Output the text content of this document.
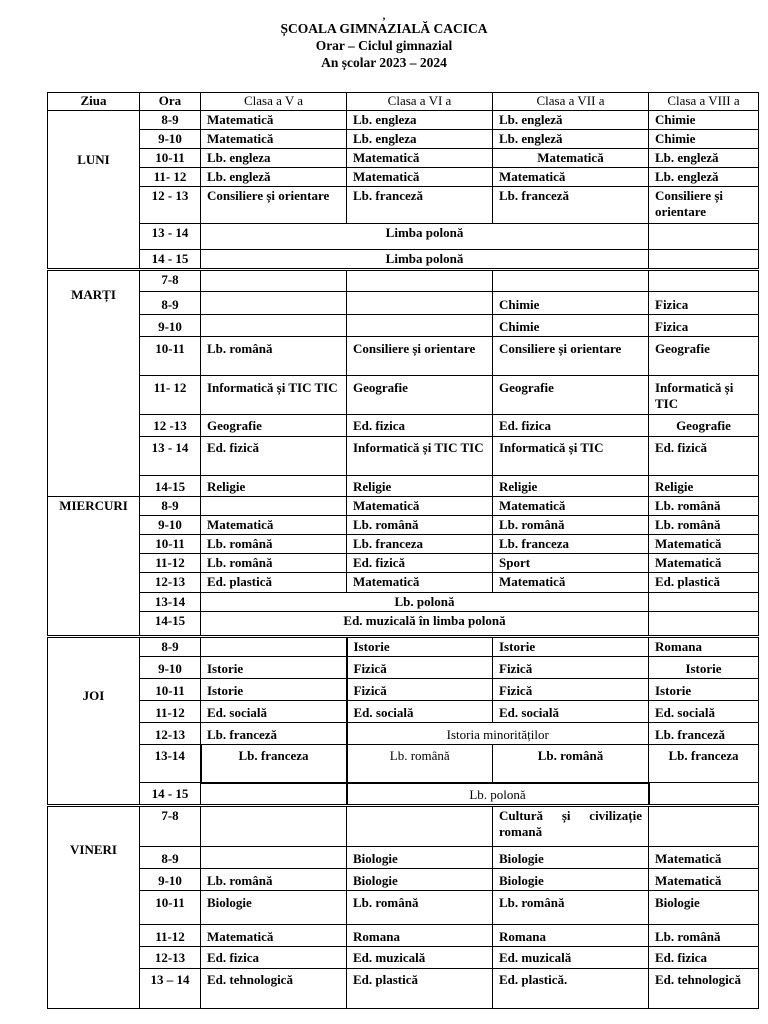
,
ȘCOALA GIMNAZIALĂ CACICA
Orar – Ciclul gimnazial
An școlar 2023 – 2024
Ziua	Ora	Clasa a V a	Clasa a VI a	Clasa a VII a	Clasa a VIII a
LUNI	8-9	Matematică	Lb. engleza	Lb. engleză	Chimie
	9-10	Matematică	Lb. engleza	Lb. engleză	Chimie
	10-11	Lb. engleza	Matematică	Matematică	Lb. engleză
	11- 12	Lb. engleză	Matematică	Matematică	Lb. engleză
	12 - 13	Consiliere și orientare	Lb. franceză	Lb. franceză	Consiliere și orientare
	13 - 14	Limba polonă			
	14 - 15	Limba polonă			
MARȚI	7-8				
	8-9			Chimie	Fizica
	9-10			Chimie	Fizica
	10-11	Lb. română	Consiliere și orientare	Consiliere și orientare	Geografie
	11- 12	Informatică și TIC TIC	Geografie	Geografie	Informatică și TIC
	12 -13	Geografie	Ed. fizica	Ed. fizica	Geografie
	13 - 14	Ed. fizică	Informatică și TIC TIC	Informatică și TIC	Ed. fizică
	14-15	Religie	Religie	Religie	Religie
MIERCURI	8-9		Matematică	Matematică	Lb. română
	9-10	Matematică	Lb. română	Lb. română	Lb. română
	10-11	Lb. română	Lb. franceza	Lb. franceza	Matematică
	11-12	Lb. română	Ed. fizică	Sport	Matematică
	12-13	Ed. plastică	Matematică	Matematică	Ed. plastică
	13-14	Lb. polonă			
	14-15	Ed. muzicală în limba polonă			
JOI	8-9		Istorie	Istorie	Romana
	9-10	Istorie	Fizică	Fizică	Istorie
	10-11	Istorie	Fizică	Fizică	Istorie
	11-12	Ed. socială	Ed. socială	Ed. socială	Ed. socială
	12-13	Lb. franceză	Istoria minorităților		Lb. franceză
	13-14	Lb. franceza	Lb. română	Lb. română	Lb. franceza
	14 - 15		Lb. polonă		
VINERI	7-8			Cultură și civilizație romană	
	8-9		Biologie	Biologie	Matematică
	9-10	Lb. română	Biologie	Biologie	Matematică
	10-11	Biologie	Lb. română	Lb. română	Biologie
	11-12	Matematică	Romana	Romana	Lb. română
	12-13	Ed. fizica	Ed. muzicală	Ed. muzicală	Ed. fizica
	13 – 14	Ed. tehnologică	Ed. plastică	Ed. plastică.	Ed. tehnologică
